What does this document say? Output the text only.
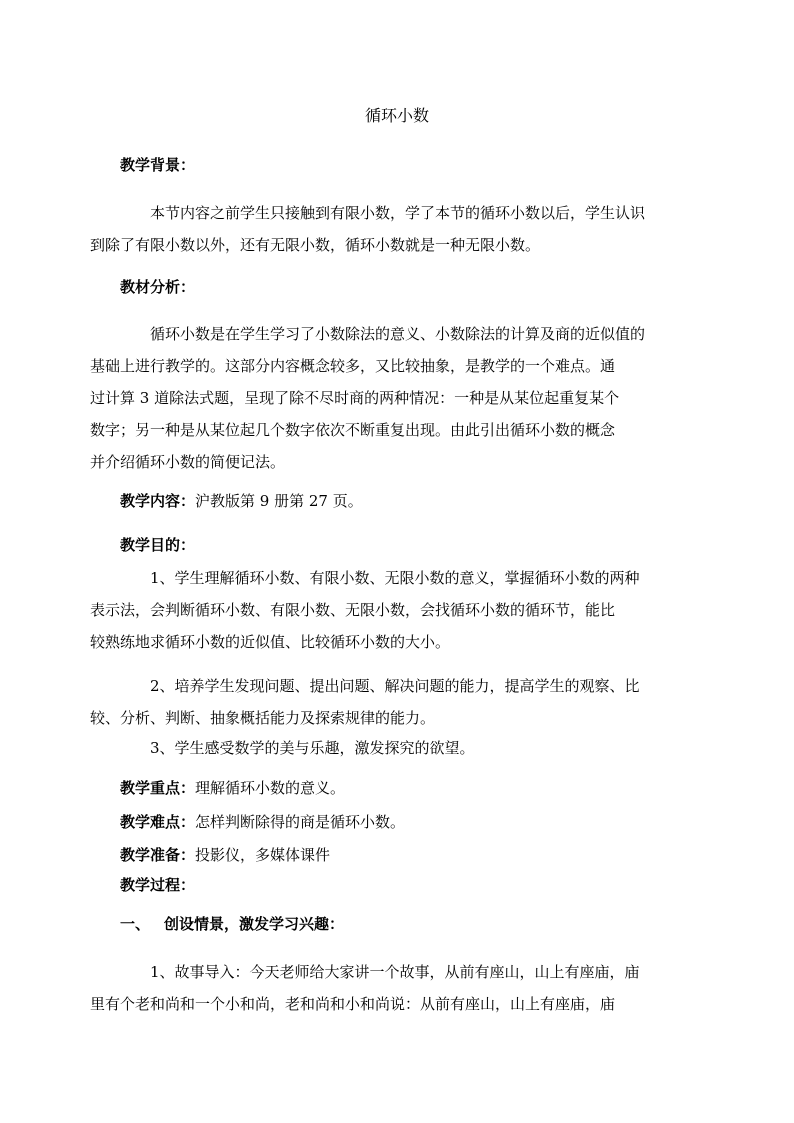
循环小数
教学背景：
本节内容之前学生只接触到有限小数，学了本节的循环小数以后，学生认识
到除了有限小数以外，还有无限小数，循环小数就是一种无限小数。
教材分析：
循环小数是在学生学习了小数除法的意义、小数除法的计算及商的近似值的
基础上进行教学的。这部分内容概念较多，又比较抽象，是教学的一个难点。通
过计算 3 道除法式题，呈现了除不尽时商的两种情况：一种是从某位起重复某个
数字；另一种是从某位起几个数字依次不断重复出现。由此引出循环小数的概念
并介绍循环小数的简便记法。
教学内容：沪教版第 9 册第 27 页。
教学目的：
1、学生理解循环小数、有限小数、无限小数的意义，掌握循环小数的两种
表示法，会判断循环小数、有限小数、无限小数，会找循环小数的循环节，能比
较熟练地求循环小数的近似值、比较循环小数的大小。
2、培养学生发现问题、提出问题、解决问题的能力，提高学生的观察、比
较、分析、判断、抽象概括能力及探索规律的能力。
3、学生感受数学的美与乐趣，激发探究的欲望。
教学重点：理解循环小数的意义。
教学难点：怎样判断除得的商是循环小数。
教学准备：投影仪，多媒体课件
教学过程：
一、 创设情景，激发学习兴趣：
1、故事导入：今天老师给大家讲一个故事，从前有座山，山上有座庙，庙
里有个老和尚和一个小和尚，老和尚和小和尚说：从前有座山，山上有座庙，庙
